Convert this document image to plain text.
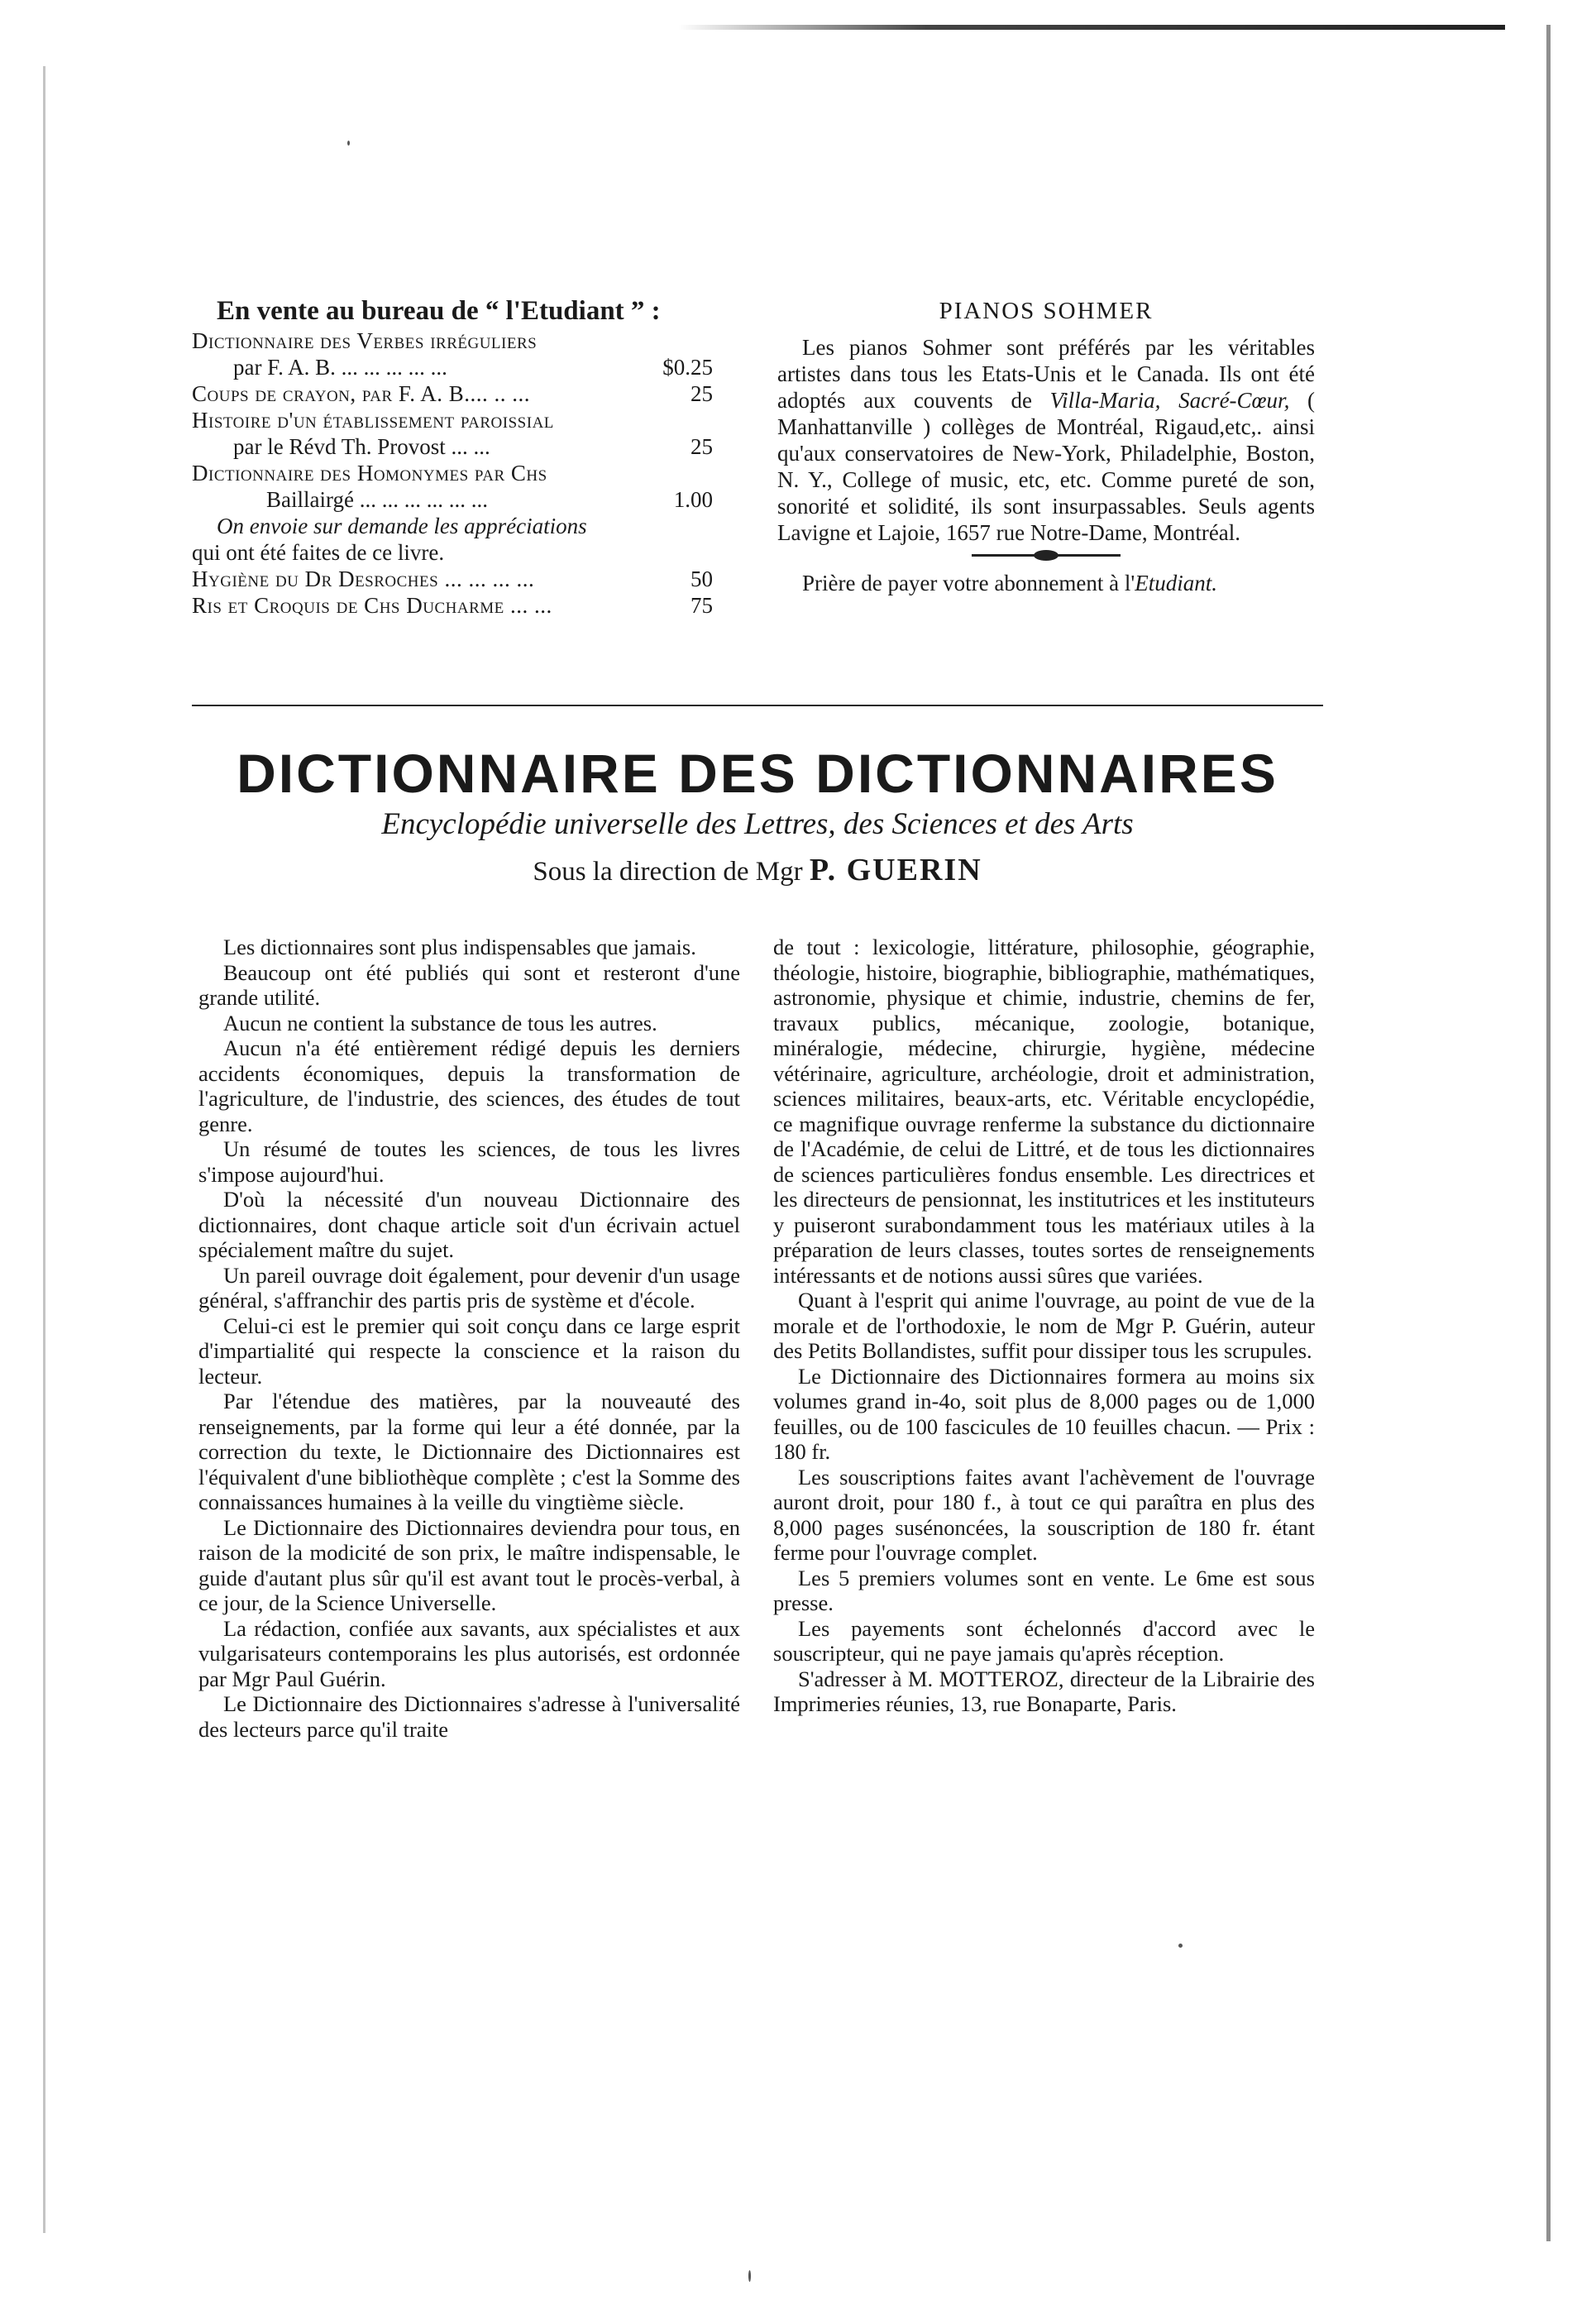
En vente au bureau de “ l'Etudiant ” :
Dictionnaire des Verbes irréguliers
par F. A. B. ... ... ... ... ...	$0.25
Coups de crayon, par F. A. B.... .. ...	25
Histoire d'un établissement paroissial
par le Révd Th. Provost ... ...	25
Dictionnaire des Homonymes par Chs
Baillairgé ... ... ... ... ... ...	1.00
On envoie sur demande les appréciations
qui ont été faites de ce livre.
Hygiène du Dr Desroches ... ... ... ...	50
Ris et Croquis de Chs Ducharme ... ...	75
PIANOS SOHMER

Les pianos Sohmer sont préférés par les véritables artistes dans tous les Etats-Unis et le Canada. Ils ont été adoptés aux couvents de Villa-Maria, Sacré-Cœur, ( Manhattanville ) collèges de Montréal, Rigaud,etc,. ainsi qu'aux conservatoires de New-York, Philadelphie, Boston, N. Y., College of music, etc, etc. Comme pureté de son, sonorité et solidité, ils sont insurpassables. Seuls agents Lavigne et Lajoie, 1657 rue Notre-Dame, Montréal.

Prière de payer votre abonnement à l'Etudiant.

DICTIONNAIRE DES DICTIONNAIRES
Encyclopédie universelle des Lettres, des Sciences et des Arts
Sous la direction de Mgr P. GUERIN

Les dictionnaires sont plus indispensables que jamais.

Beaucoup ont été publiés qui sont et resteront d'une grande utilité.

Aucun ne contient la substance de tous les autres.

Aucun n'a été entièrement rédigé depuis les derniers accidents économiques, depuis la transformation de l'agriculture, de l'industrie, des sciences, des études de tout genre.

Un résumé de toutes les sciences, de tous les livres s'impose aujourd'hui.

D'où la nécessité d'un nouveau Dictionnaire des dictionnaires, dont chaque article soit d'un écrivain actuel spécialement maître du sujet.

Un pareil ouvrage doit également, pour devenir d'un usage général, s'affranchir des partis pris de système et d'école.

Celui-ci est le premier qui soit conçu dans ce large esprit d'impartialité qui respecte la conscience et la raison du lecteur.

Par l'étendue des matières, par la nouveauté des renseignements, par la forme qui leur a été donnée, par la correction du texte, le Dictionnaire des Dictionnaires est l'équivalent d'une bibliothèque complète ; c'est la Somme des connaissances humaines à la veille du vingtième siècle.

Le Dictionnaire des Dictionnaires deviendra pour tous, en raison de la modicité de son prix, le maître indispensable, le guide d'autant plus sûr qu'il est avant tout le procès-verbal, à ce jour, de la Science Universelle.

La rédaction, confiée aux savants, aux spécialistes et aux vulgarisateurs contemporains les plus autorisés, est ordonnée par Mgr Paul Guérin.

Le Dictionnaire des Dictionnaires s'adresse à l'universalité des lecteurs parce qu'il traite

de tout : lexicologie, littérature, philosophie, géographie, théologie, histoire, biographie, bibliographie, mathématiques, astronomie, physique et chimie, industrie, chemins de fer, travaux publics, mécanique, zoologie, botanique, minéralogie, médecine, chirurgie, hygiène, médecine vétérinaire, agriculture, archéologie, droit et administration, sciences militaires, beaux-arts, etc. Véritable encyclopédie, ce magnifique ouvrage renferme la substance du dictionnaire de l'Académie, de celui de Littré, et de tous les dictionnaires de sciences particulières fondus ensemble. Les directrices et les directeurs de pensionnat, les institutrices et les instituteurs y puiseront surabondamment tous les matériaux utiles à la préparation de leurs classes, toutes sortes de renseignements intéressants et de notions aussi sûres que variées.

Quant à l'esprit qui anime l'ouvrage, au point de vue de la morale et de l'orthodoxie, le nom de Mgr P. Guérin, auteur des Petits Bollandistes, suffit pour dissiper tous les scrupules.

Le Dictionnaire des Dictionnaires formera au moins six volumes grand in-4o, soit plus de 8,000 pages ou de 1,000 feuilles, ou de 100 fascicules de 10 feuilles chacun. — Prix : 180 fr.

Les souscriptions faites avant l'achèvement de l'ouvrage auront droit, pour 180 f., à tout ce qui paraîtra en plus des 8,000 pages susénoncées, la souscription de 180 fr. étant ferme pour l'ouvrage complet.

Les 5 premiers volumes sont en vente. Le 6me est sous presse.

Les payements sont échelonnés d'accord avec le souscripteur, qui ne paye jamais qu'après réception.

S'adresser à M. MOTTEROZ, directeur de la Librairie des Imprimeries réunies, 13, rue Bonaparte, Paris.
